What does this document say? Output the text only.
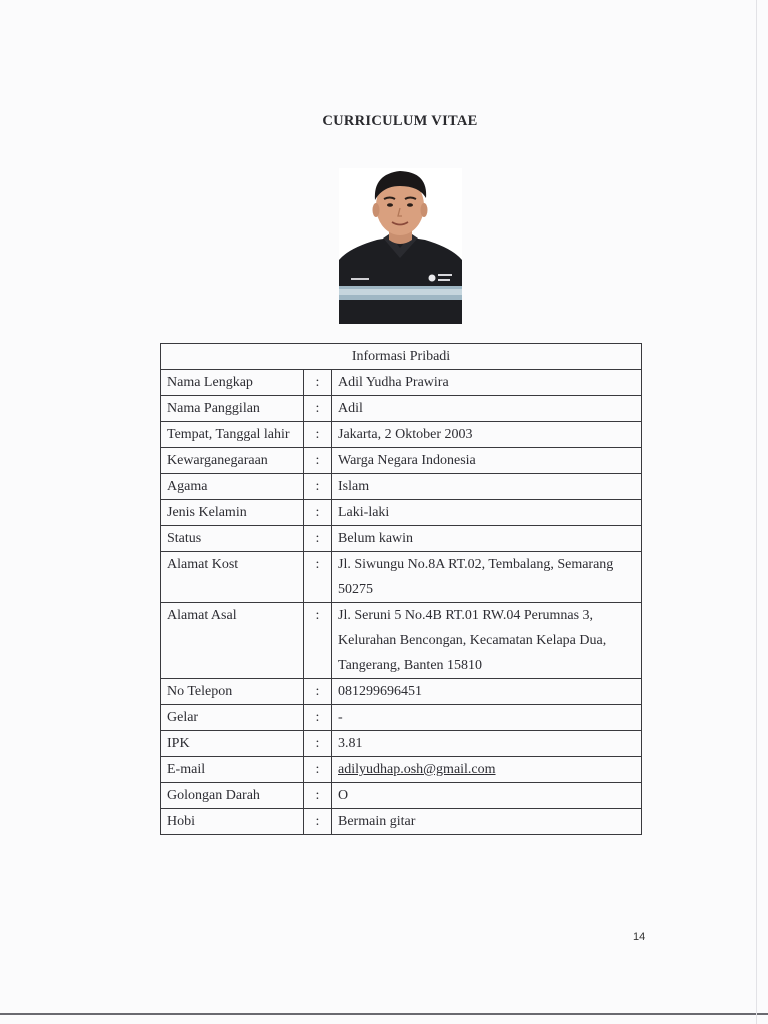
CURRICULUM VITAE
Informasi Pribadi		
Nama Lengkap	:	Adil Yudha Prawira

Nama Panggilan	:	Adil

Tempat, Tanggal lahir	:	Jakarta, 2 Oktober 2003

Kewarganegaraan	:	Warga Negara Indonesia

Agama	:	Islam

Jenis Kelamin	:	Laki-laki

Status	:	Belum kawin

Alamat Kost	:	Jl. Siwungu No.8A RT.02, Tembalang, Semarang
50275

Alamat Asal	:	Jl. Seruni 5 No.4B RT.01 RW.04 Perumnas 3,
Kelurahan Bencongan, Kecamatan Kelapa Dua,
Tangerang, Banten 15810

No Telepon	:	081299696451

Gelar	:	-

IPK	:	3.81

E-mail	:	adilyudhap.osh@gmail.com

Golongan Darah	:	O

Hobi	:	Bermain gitar
14
